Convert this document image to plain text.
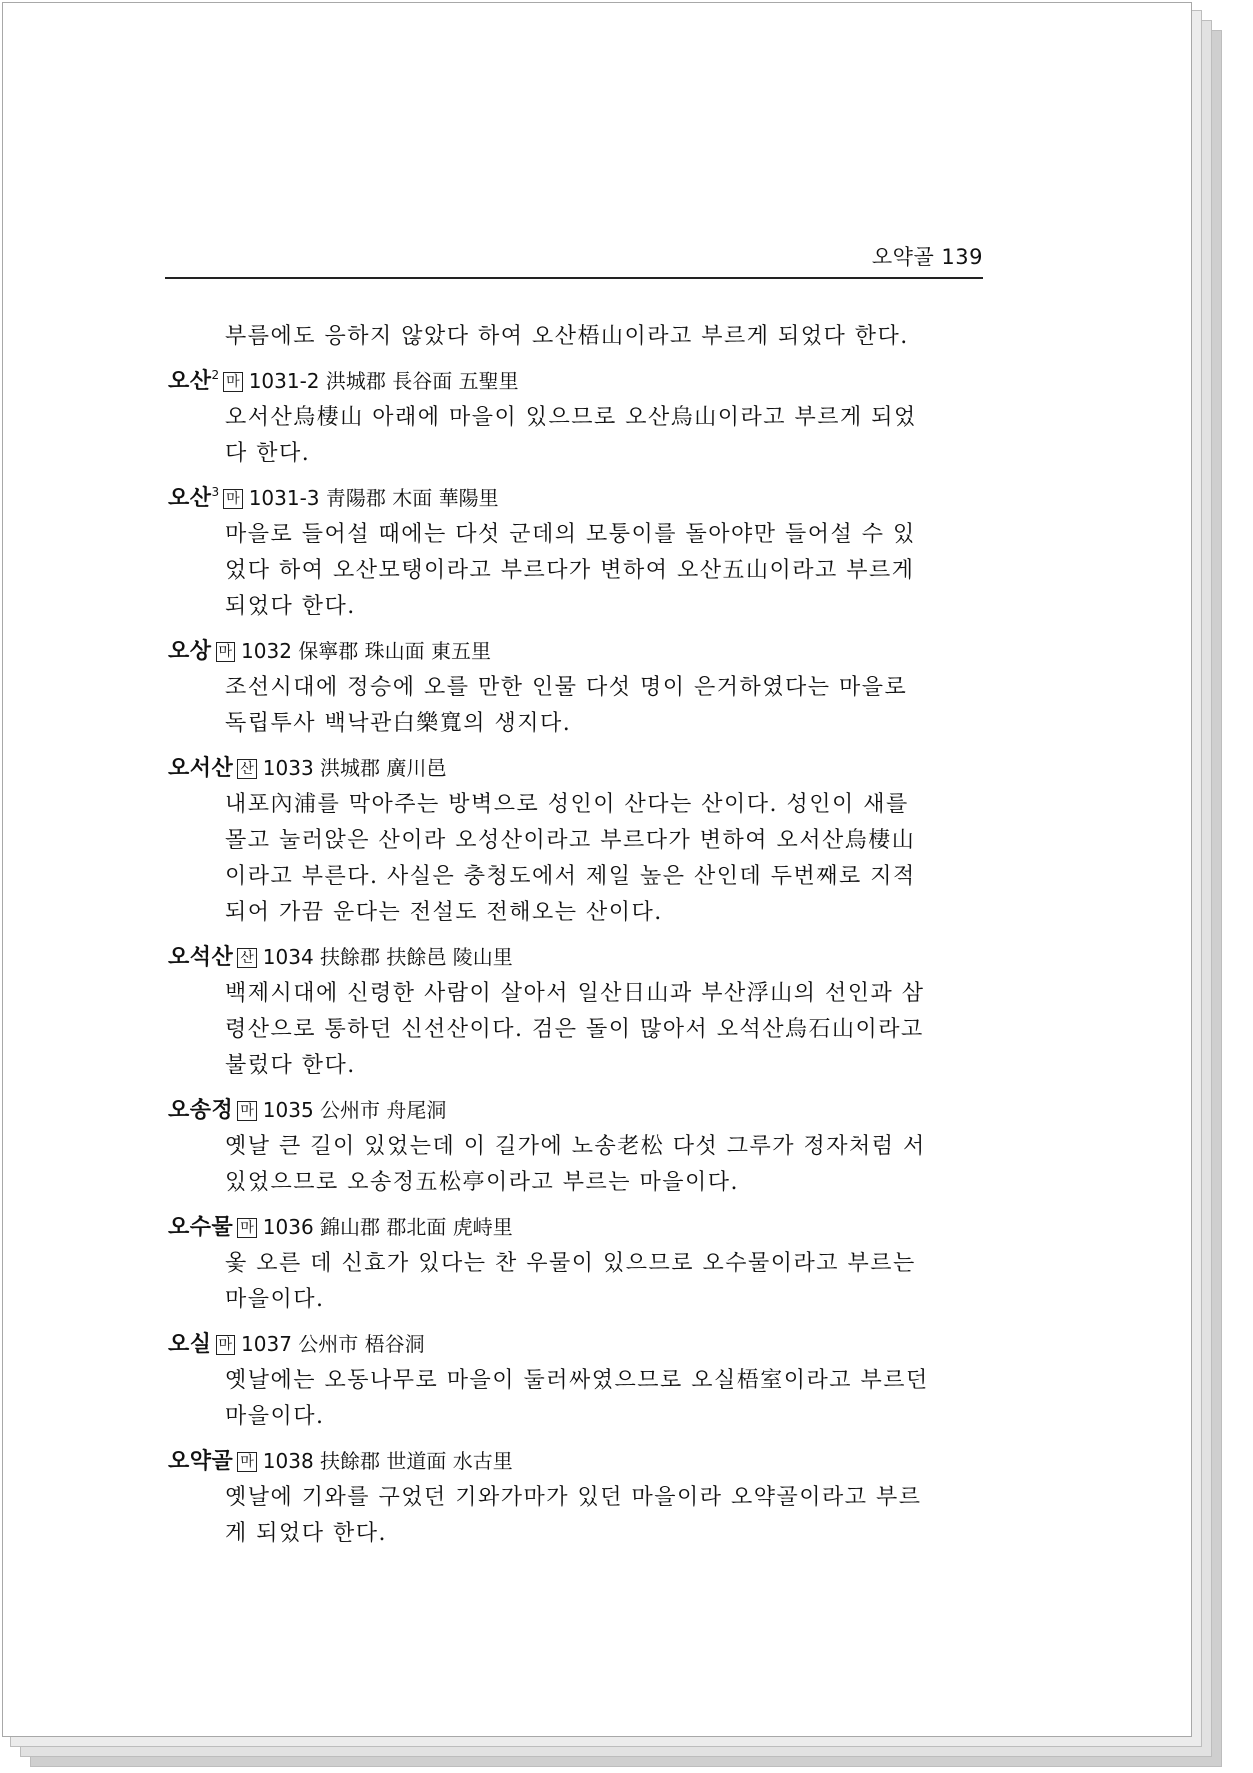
오약골 139

부름에도 응하지 않았다 하여 오산梧山이라고 부르게 되었다 한다.

오산$^2$ 마 1031-2 洪城郡 長谷面 五聖里

오서산烏棲山 아래에 마을이 있으므로 오산烏山이라고 부르게 되었

다 한다.

오산$^3$ 마 1031-3 靑陽郡 木面 華陽里

마을로 들어설 때에는 다섯 군데의 모퉁이를 돌아야만 들어설 수 있

었다 하여 오산모탱이라고 부르다가 변하여 오산五山이라고 부르게

되었다 한다.

오상 마 1032 保寧郡 珠山面 東五里

조선시대에 정승에 오를 만한 인물 다섯 명이 은거하였다는 마을로

독립투사 백낙관白樂寬의 생지다.

오서산 산 1033 洪城郡 廣川邑

내포內浦를 막아주는 방벽으로 성인이 산다는 산이다. 성인이 새를

몰고 눌러앉은 산이라 오성산이라고 부르다가 변하여 오서산烏棲山

이라고 부른다. 사실은 충청도에서 제일 높은 산인데 두번째로 지적

되어 가끔 운다는 전설도 전해오는 산이다.

오석산 산 1034 扶餘郡 扶餘邑 陵山里

백제시대에 신령한 사람이 살아서 일산日山과 부산浮山의 선인과 삼

령산으로 통하던 신선산이다. 검은 돌이 많아서 오석산烏石山이라고

불렀다 한다.

오송정 마 1035 公州市 舟尾洞

옛날 큰 길이 있었는데 이 길가에 노송老松 다섯 그루가 정자처럼 서

있었으므로 오송정五松亭이라고 부르는 마을이다.

오수물 마 1036 錦山郡 郡北面 虎峙里

옻 오른 데 신효가 있다는 찬 우물이 있으므로 오수물이라고 부르는

마을이다.

오실 마 1037 公州市 梧谷洞

옛날에는 오동나무로 마을이 둘러싸였으므로 오실梧室이라고 부르던

마을이다.

오약골 마 1038 扶餘郡 世道面 水古里

옛날에 기와를 구었던 기와가마가 있던 마을이라 오약골이라고 부르

게 되었다 한다.
